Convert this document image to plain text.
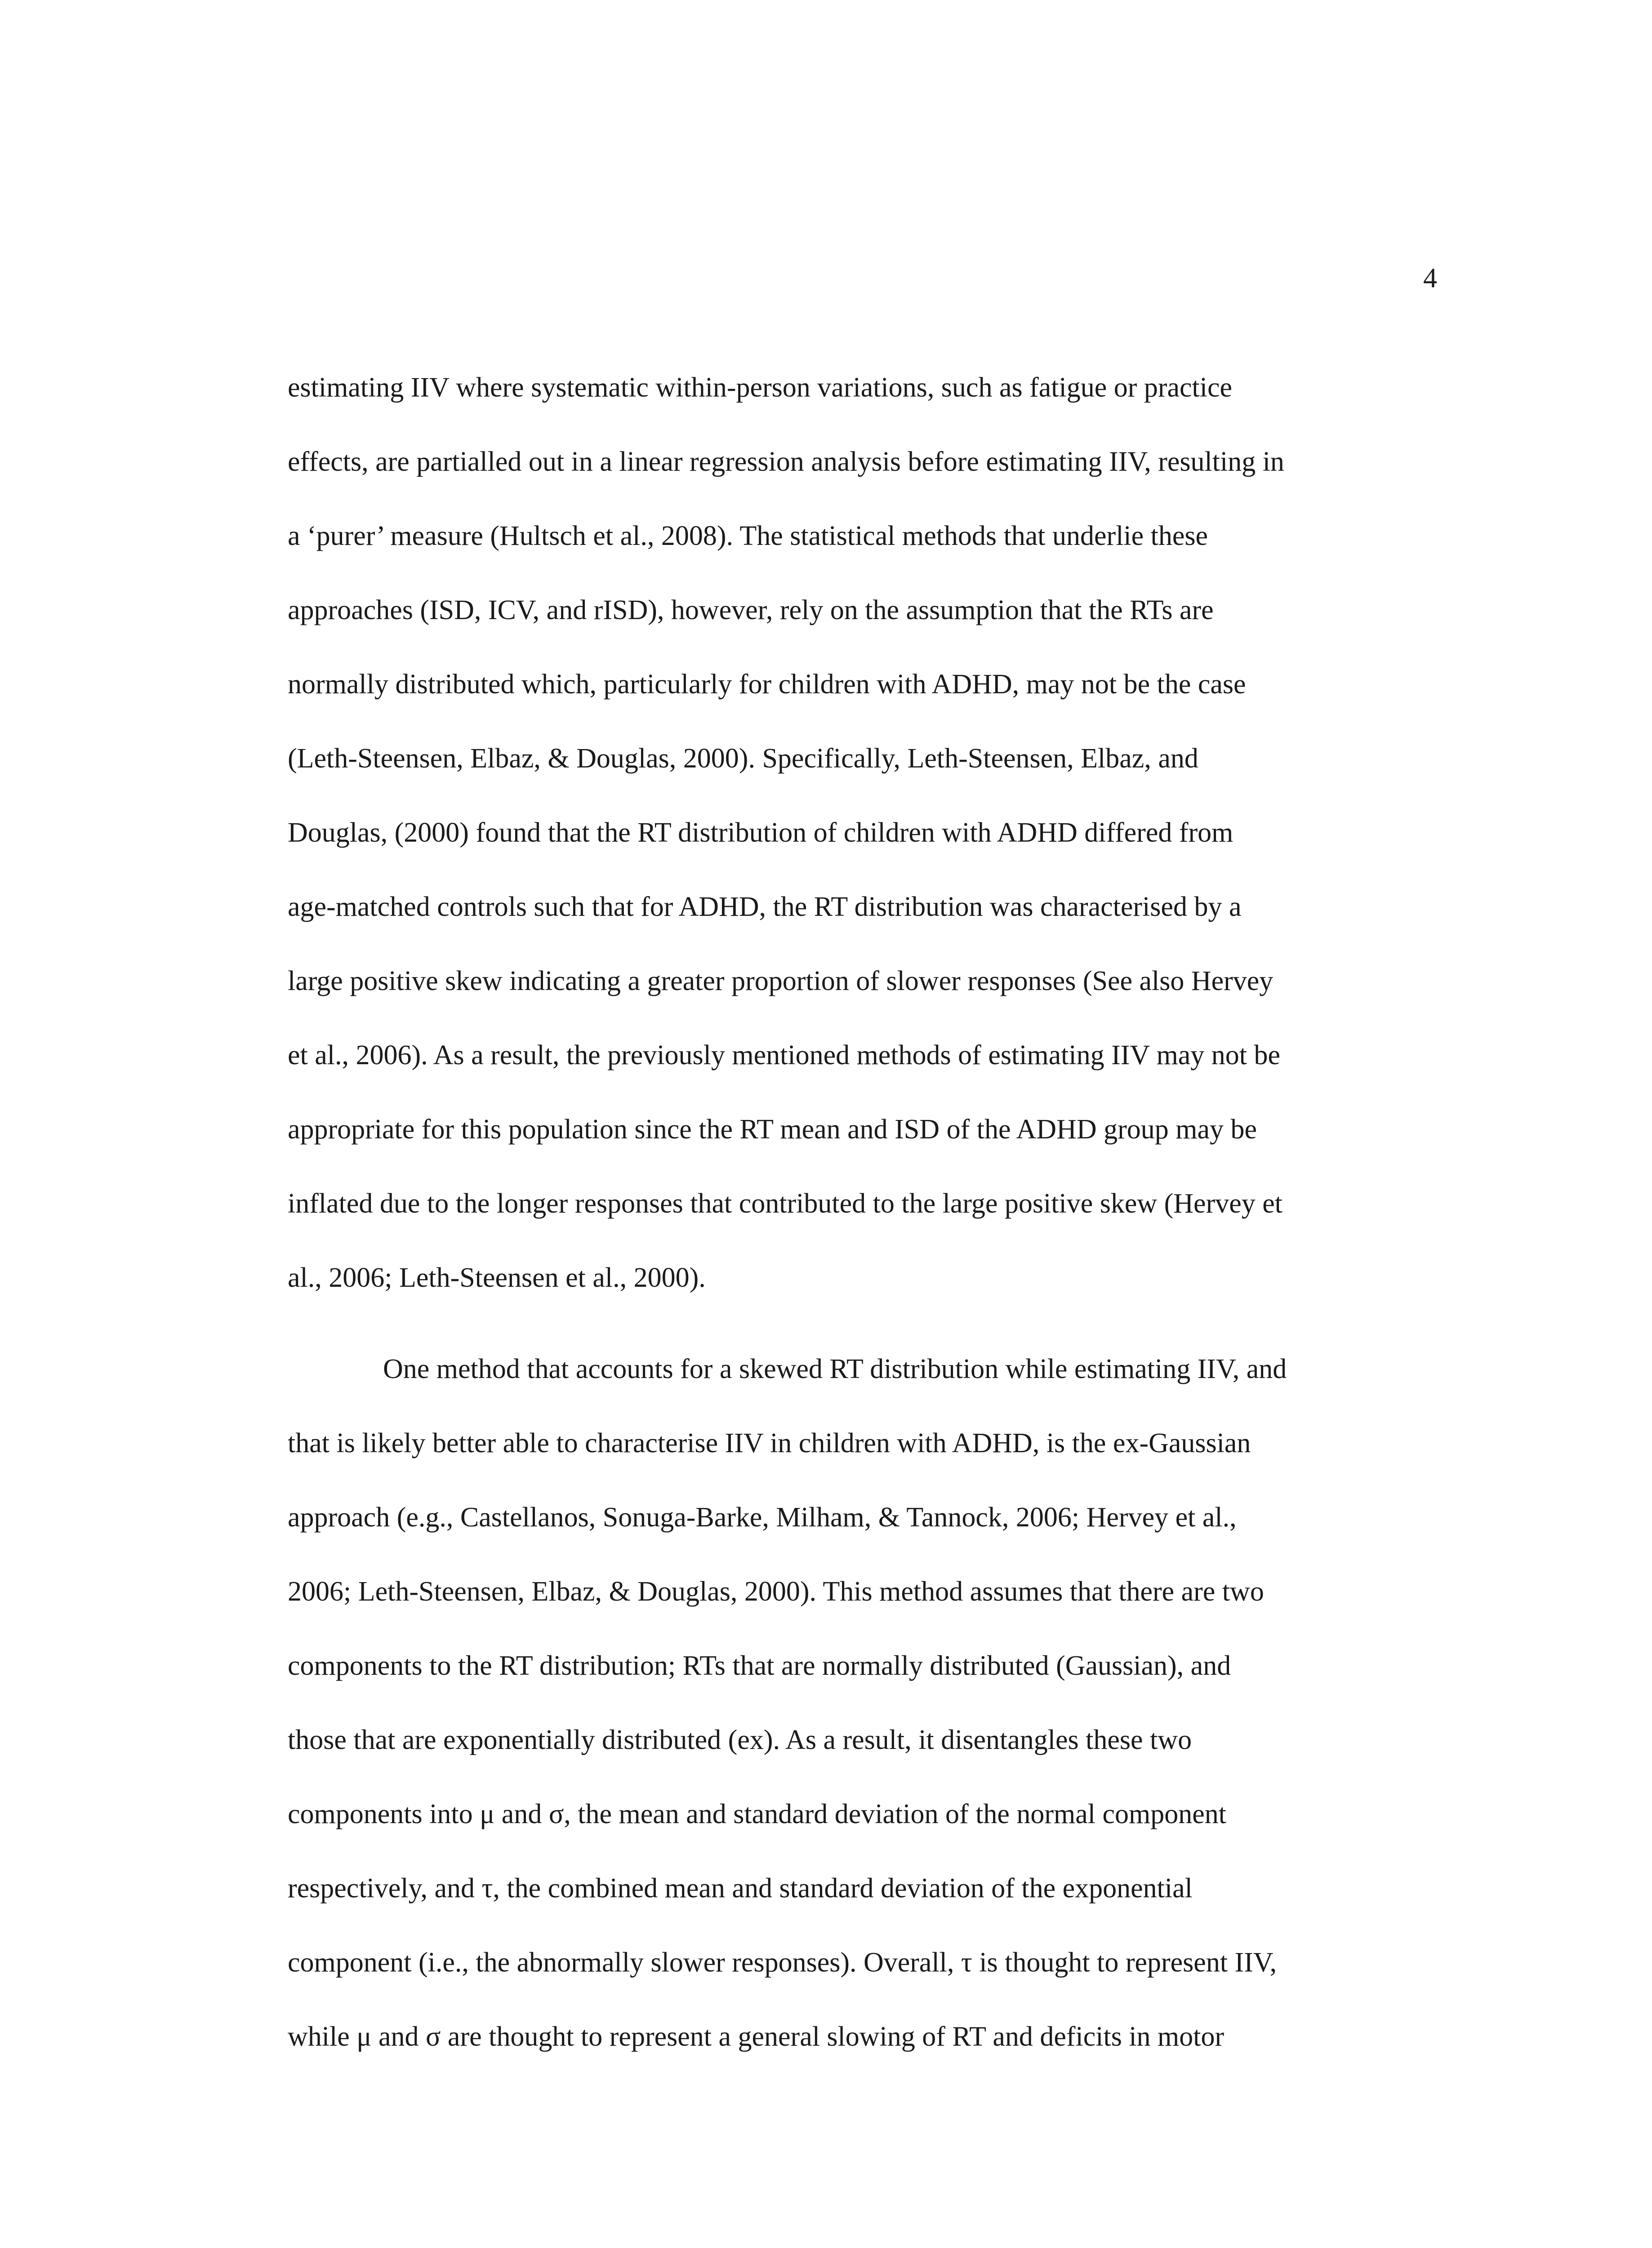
4
estimating IIV where systematic within-person variations, such as fatigue or practice
effects, are partialled out in a linear regression analysis before estimating IIV, resulting in
a ‘purer’ measure (Hultsch et al., 2008). The statistical methods that underlie these
approaches (ISD, ICV, and rISD), however, rely on the assumption that the RTs are
normally distributed which, particularly for children with ADHD, may not be the case
(Leth-Steensen, Elbaz, & Douglas, 2000). Specifically, Leth-Steensen, Elbaz, and
Douglas, (2000) found that the RT distribution of children with ADHD differed from
age-matched controls such that for ADHD, the RT distribution was characterised by a
large positive skew indicating a greater proportion of slower responses (See also Hervey
et al., 2006). As a result, the previously mentioned methods of estimating IIV may not be
appropriate for this population since the RT mean and ISD of the ADHD group may be
inflated due to the longer responses that contributed to the large positive skew (Hervey et
al., 2006; Leth-Steensen et al., 2000).
One method that accounts for a skewed RT distribution while estimating IIV, and
that is likely better able to characterise IIV in children with ADHD, is the ex-Gaussian
approach (e.g., Castellanos, Sonuga-Barke, Milham, & Tannock, 2006; Hervey et al.,
2006; Leth-Steensen, Elbaz, & Douglas, 2000). This method assumes that there are two
components to the RT distribution; RTs that are normally distributed (Gaussian), and
those that are exponentially distributed (ex). As a result, it disentangles these two
components into μ and σ, the mean and standard deviation of the normal component
respectively, and τ, the combined mean and standard deviation of the exponential
component (i.e., the abnormally slower responses). Overall, τ is thought to represent IIV,
while μ and σ are thought to represent a general slowing of RT and deficits in motor
